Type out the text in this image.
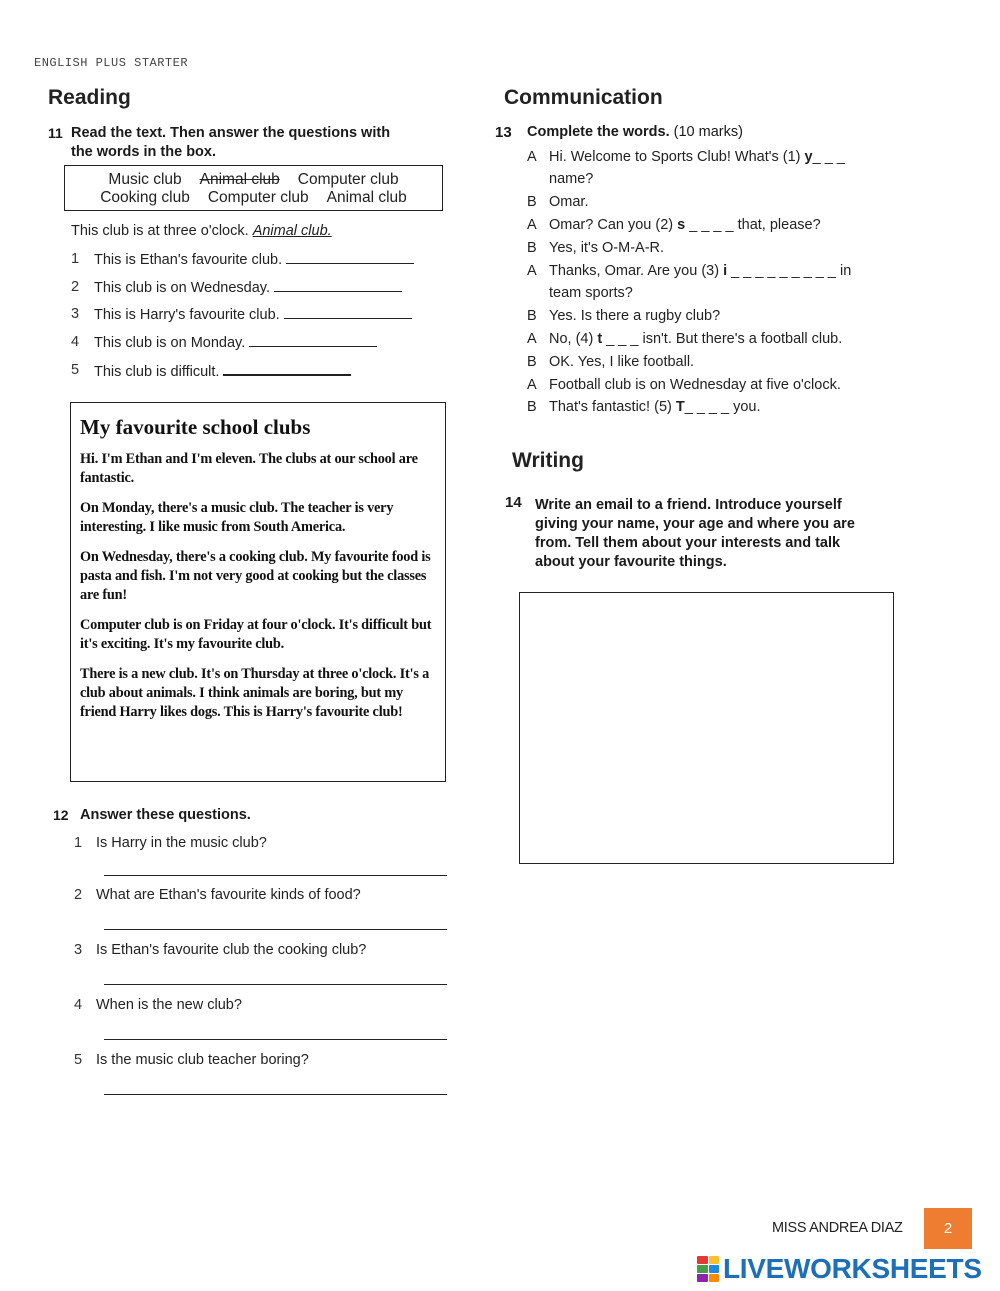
ENGLISH PLUS STARTER
Reading
11 Read the text. Then answer the questions with
the words in the box.
Music club Animal club Computer club
Cooking club Computer club Animal club
This club is at three o'clock. Animal club.
1 This is Ethan's favourite club.
2 This club is on Wednesday.
3 This is Harry's favourite club.
4 This club is on Monday.
5 This club is difficult.
My favourite school clubs

Hi. I'm Ethan and I'm eleven. The clubs at our school are fantastic.

On Monday, there's a music club. The teacher is very interesting. I like music from South America.

On Wednesday, there's a cooking club. My favourite food is pasta and fish. I'm not very good at cooking but the classes are fun!

Computer club is on Friday at four o'clock. It's difficult but it's exciting. It's my favourite club.

There is a new club. It's on Thursday at three o'clock. It's a club about animals. I think animals are boring, but my friend Harry likes dogs. This is Harry's favourite club!

12 Answer these questions.
1 Is Harry in the music club?
2 What are Ethan's favourite kinds of food?
3 Is Ethan's favourite club the cooking club?
4 When is the new club?
5 Is the music club teacher boring?
Communication
13 Complete the words. (10 marks)
A Hi. Welcome to Sports Club! What's (1) y_ _ _
name?
B Omar.
A Omar? Can you (2) s _ _ _ _ that, please?
B Yes, it's O-M-A-R.
A Thanks, Omar. Are you (3) i _ _ _ _ _ _ _ _ _ in
team sports?
B Yes. Is there a rugby club?
A No, (4) t _ _ _ isn't. But there's a football club.
B OK. Yes, I like football.
A Football club is on Wednesday at five o'clock.
B That's fantastic! (5) T_ _ _ _ you.
Writing
14 Write an email to a friend. Introduce yourself
giving your name, your age and where you are
from. Tell them about your interests and talk
about your favourite things.
MISS ANDREA DIAZ	2
LIVEWORKSHEETS
